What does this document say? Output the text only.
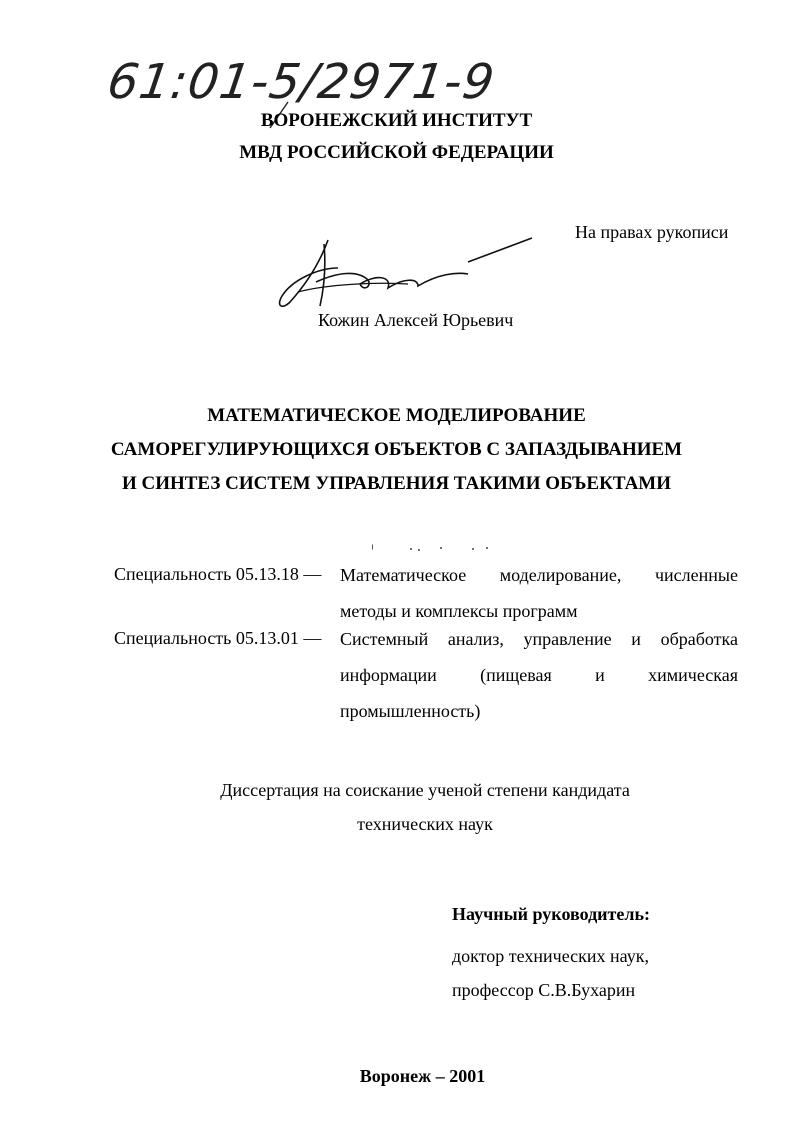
61:01-5/2971-9
ВОРОНЕЖСКИЙ ИНСТИТУТ
МВД РОССИЙСКОЙ ФЕДЕРАЦИИ
На правах рукописи
Кожин Алексей Юрьевич
МАТЕМАТИЧЕСКОЕ МОДЕЛИРОВАНИЕ
САМОРЕГУЛИРУЮЩИХСЯ ОБЪЕКТОВ С ЗАПАЗДЫВАНИЕМ
И СИНТЕЗ СИСТЕМ УПРАВЛЕНИЯ ТАКИМИ ОБЪЕКТАМИ
Специальность 05.13.18 — Математическое моделирование, численные методы и комплексы программ
Специальность 05.13.01 — Системный анализ, управление и обработка информации (пищевая и химическая промышленность)
Диссертация на соискание ученой степени кандидата
технических наук
Научный руководитель:
доктор технических наук,
профессор С.В.Бухарин
Воронеж – 2001
